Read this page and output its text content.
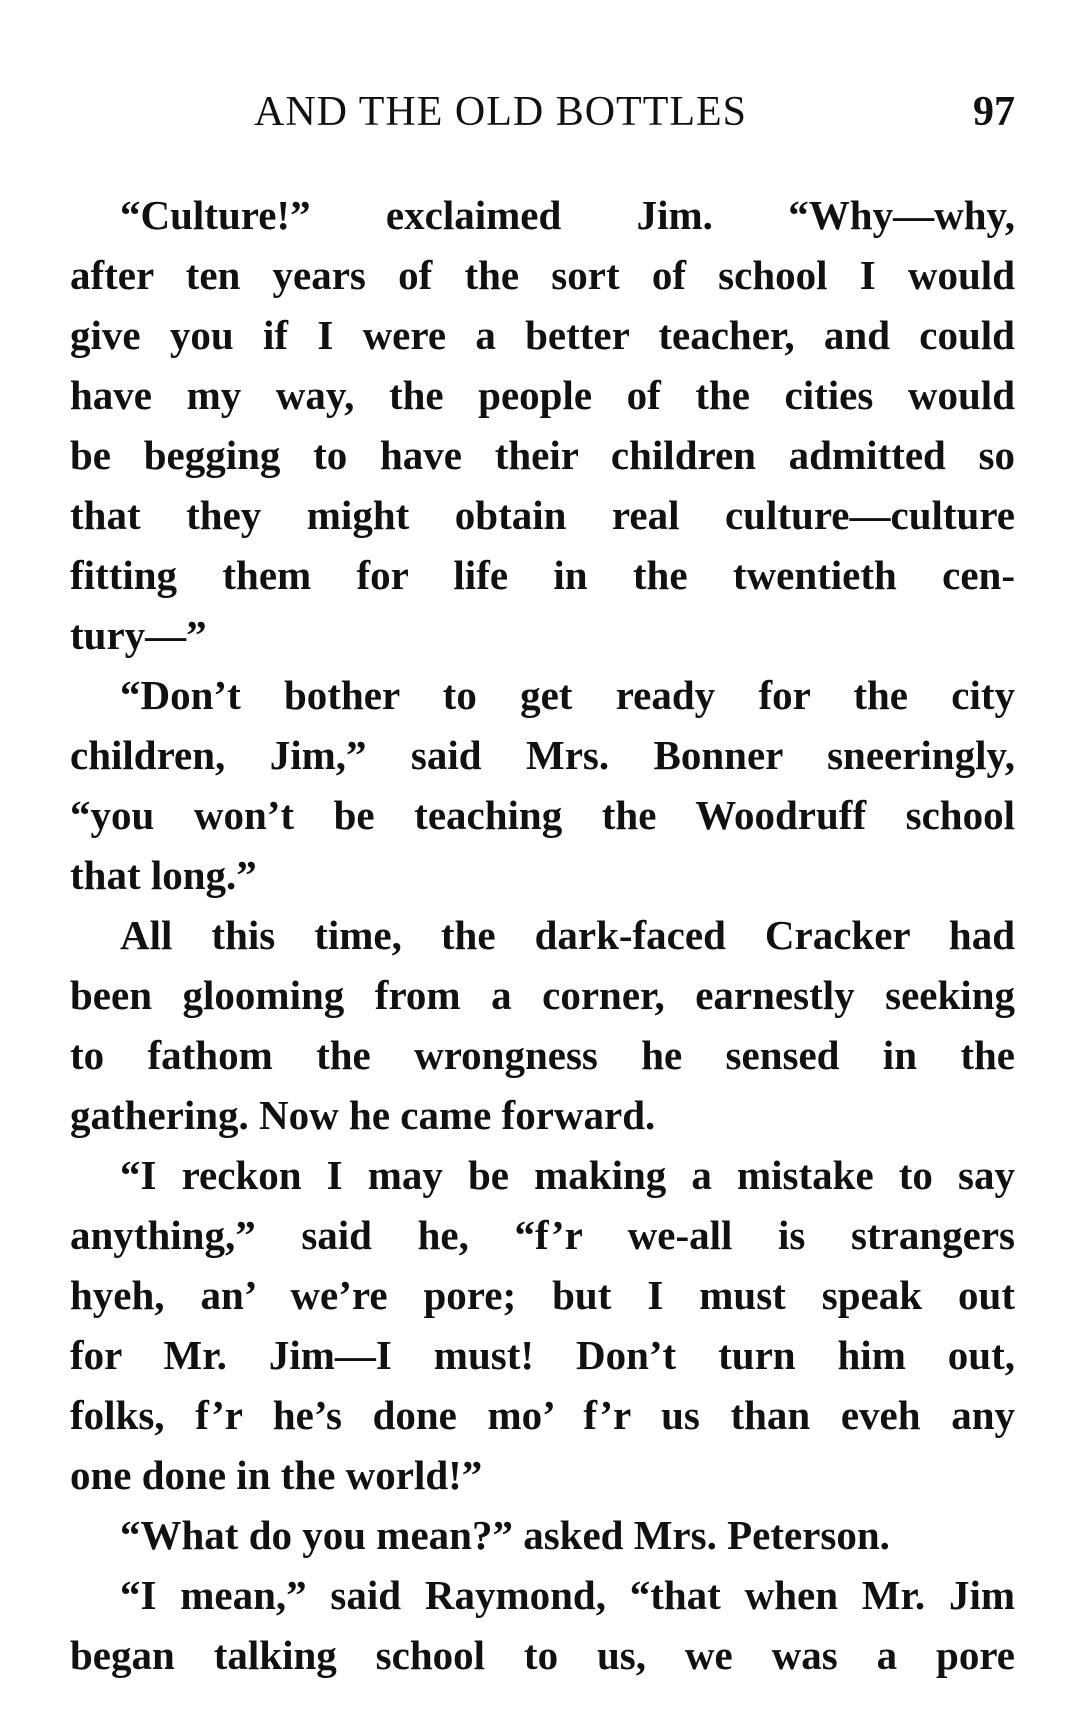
AND THE OLD BOTTLES	97
“Culture!” exclaimed Jim. “Why—why,
after ten years of the sort of school I would
give you if I were a better teacher, and could
have my way, the people of the cities would
be begging to have their children admitted so
that they might obtain real culture—culture
fitting them for life in the twentieth cen-
tury—”
“Don’t bother to get ready for the city
children, Jim,” said Mrs. Bonner sneeringly,
“you won’t be teaching the Woodruff school
that long.”
All this time, the dark-faced Cracker had
been glooming from a corner, earnestly seeking
to fathom the wrongness he sensed in the
gathering. Now he came forward.
“I reckon I may be making a mistake to say
anything,” said he, “f’r we-all is strangers
hyeh, an’ we’re pore; but I must speak out
for Mr. Jim—I must! Don’t turn him out,
folks, f’r he’s done mo’ f’r us than eveh any
one done in the world!”
“What do you mean?” asked Mrs. Peterson.
“I mean,” said Raymond, “that when Mr. Jim
began talking school to us, we was a pore
